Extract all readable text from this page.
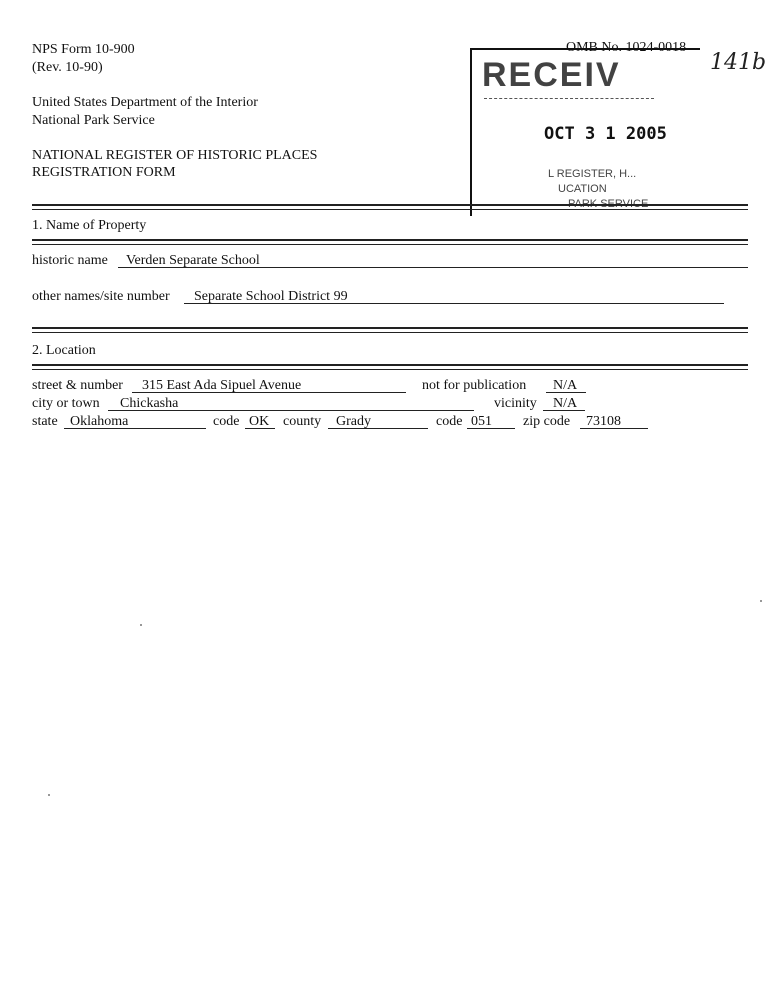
NPS Form 10-900
(Rev. 10-90)
United States Department of the Interior
National Park Service
NATIONAL REGISTER OF HISTORIC PLACES
REGISTRATION FORM
RECEIV
OCT 3 1 2005
L REGISTER, H...
UCATION
PARK SERVICE
OMB No. 1024-0018
141b
1. Name of Property
historic name Verden Separate School
other names/site number Separate School District 99
2. Location
street & number 315 East Ada Sipuel Avenue	not for publication N/A
city or town Chickasha	vicinity N/A
state Oklahoma	code OK county Grady	code 051 zip code 73108
